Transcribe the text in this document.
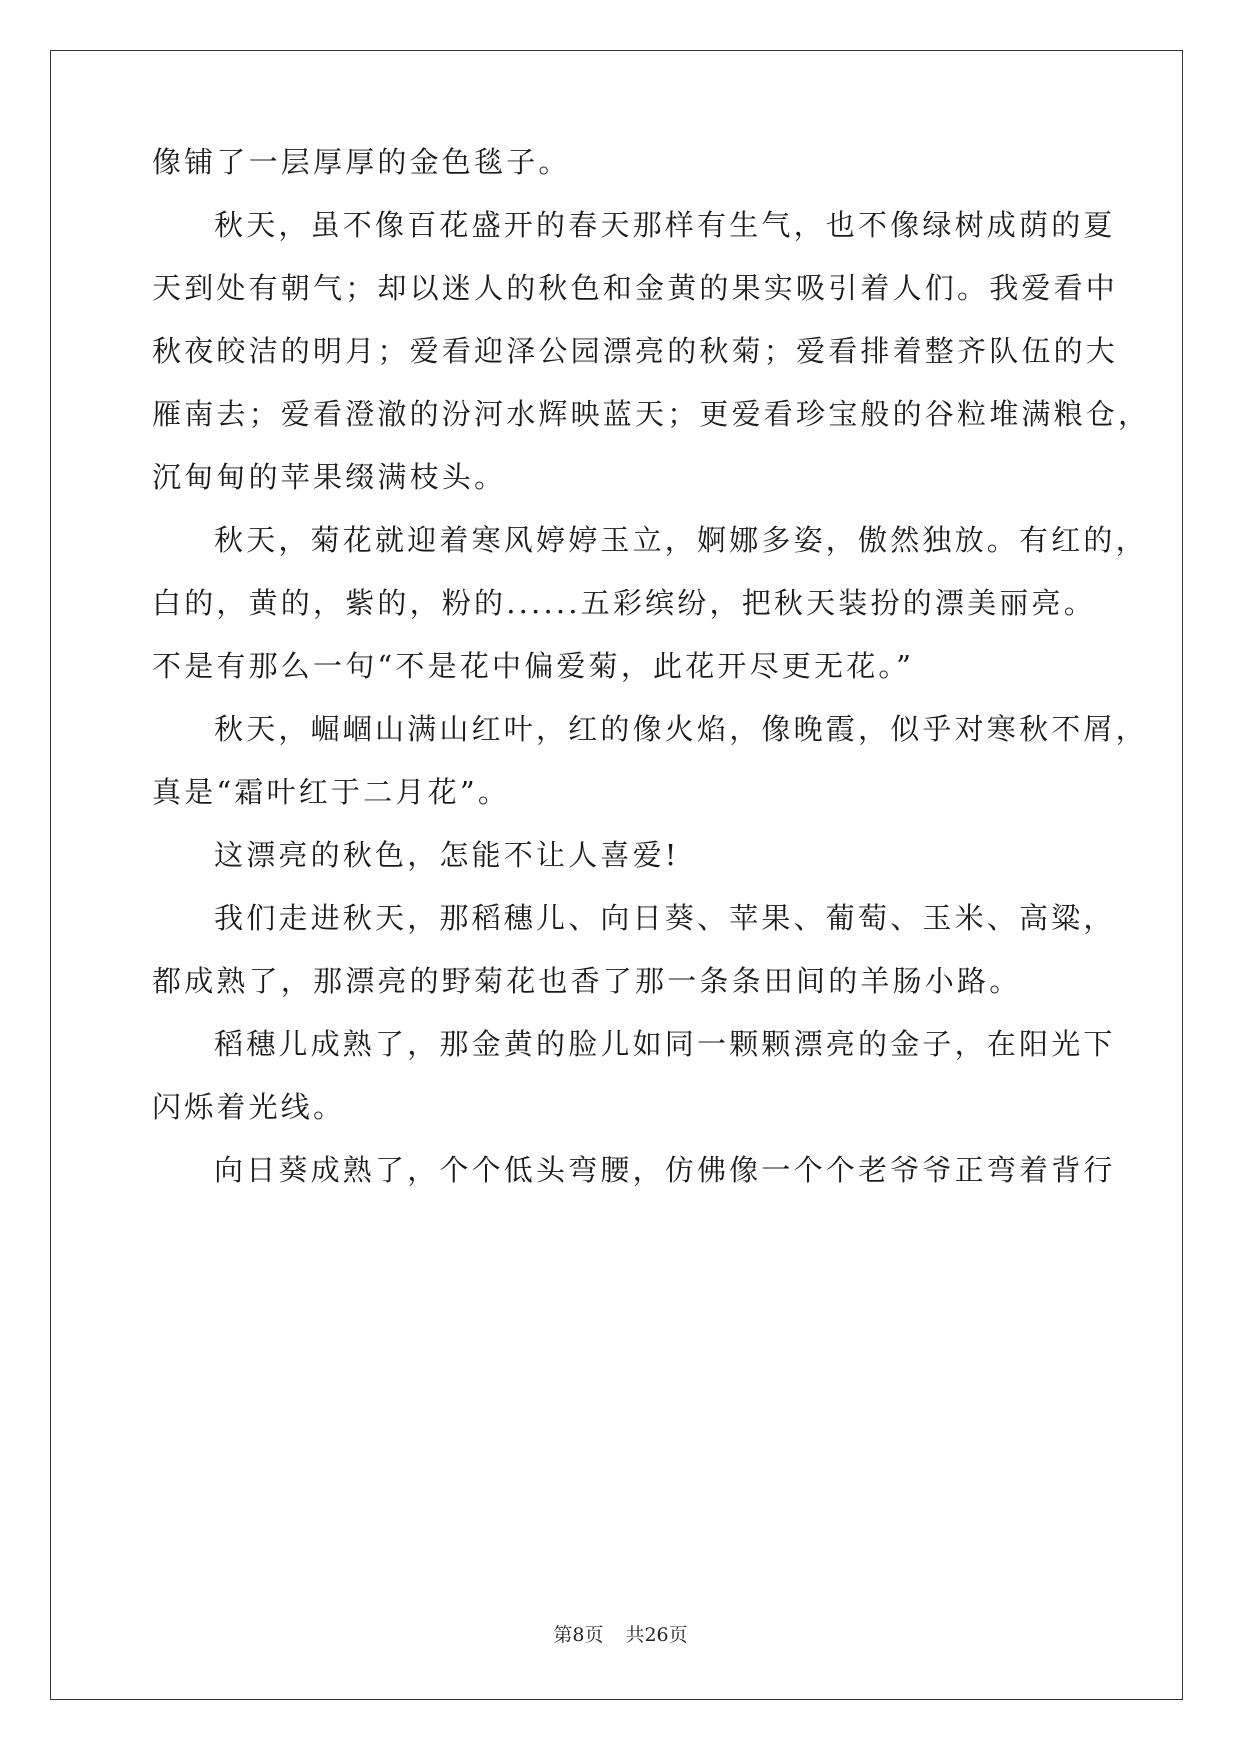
像铺了一层厚厚的金色毯子。
秋天，虽不像百花盛开的春天那样有生气，也不像绿树成荫的夏
天到处有朝气；却以迷人的秋色和金黄的果实吸引着人们。我爱看中
秋夜皎洁的明月；爱看迎泽公园漂亮的秋菊；爱看排着整齐队伍的大
雁南去；爱看澄澈的汾河水辉映蓝天；更爱看珍宝般的谷粒堆满粮仓，
沉甸甸的苹果缀满枝头。
秋天，菊花就迎着寒风婷婷玉立，婀娜多姿，傲然独放。有红的，
白的，黄的，紫的，粉的......五彩缤纷，把秋天装扮的漂美丽亮。
不是有那么一句“不是花中偏爱菊，此花开尽更无花。”
秋天，崛崓山满山红叶，红的像火焰，像晚霞，似乎对寒秋不屑，
真是“霜叶红于二月花”。
这漂亮的秋色，怎能不让人喜爱!
我们走进秋天，那稻穗儿、向日葵、苹果、葡萄、玉米、高粱，
都成熟了，那漂亮的野菊花也香了那一条条田间的羊肠小路。
稻穗儿成熟了，那金黄的脸儿如同一颗颗漂亮的金子，在阳光下
闪烁着光线。
向日葵成熟了，个个低头弯腰，仿佛像一个个老爷爷正弯着背行
第8页 共26页
